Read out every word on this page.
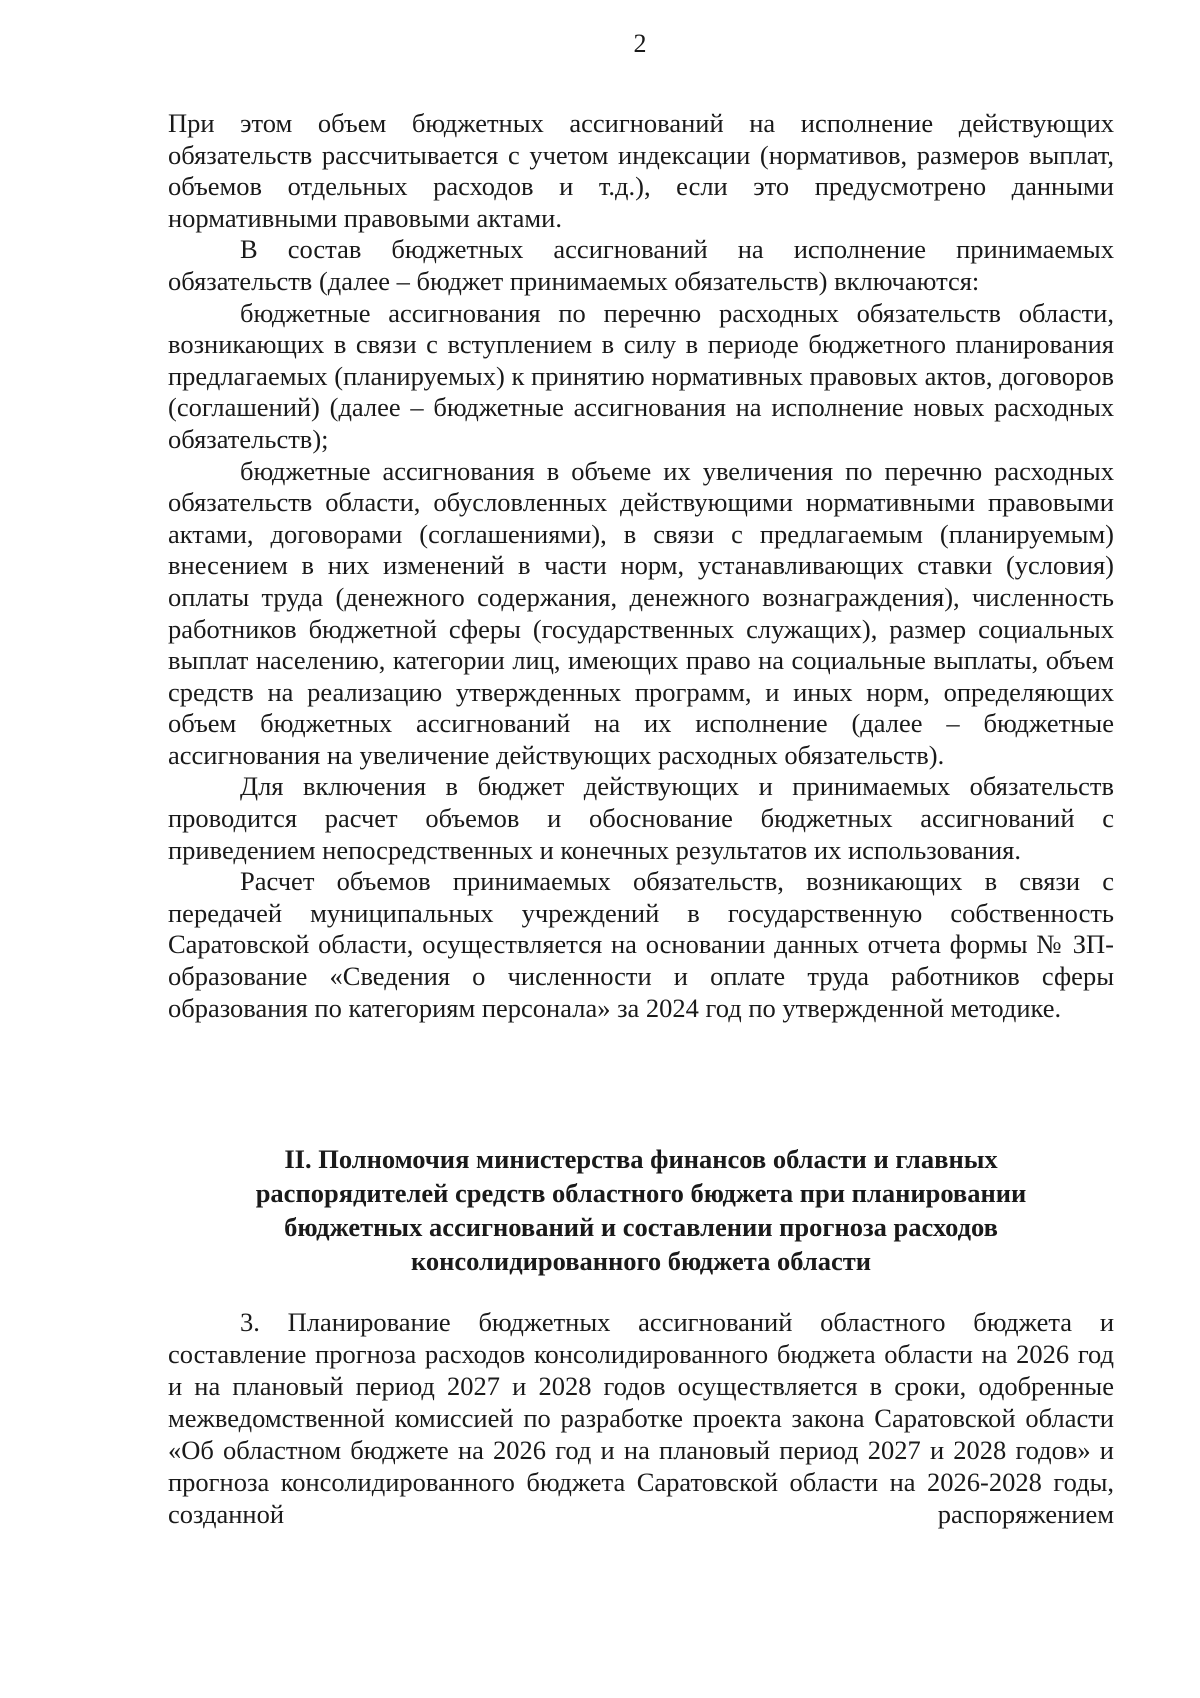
2

При этом объем бюджетных ассигнований на исполнение действующих обязательств рассчитывается с учетом индексации (нормативов, размеров выплат, объемов отдельных расходов и т.д.), если это предусмотрено данными нормативными правовыми актами.

В состав бюджетных ассигнований на исполнение принимаемых обязательств (далее – бюджет принимаемых обязательств) включаются:

бюджетные ассигнования по перечню расходных обязательств области, возникающих в связи с вступлением в силу в периоде бюджетного планирования предлагаемых (планируемых) к принятию нормативных правовых актов, договоров (соглашений) (далее – бюджетные ассигнования на исполнение новых расходных обязательств);

бюджетные ассигнования в объеме их увеличения по перечню расходных обязательств области, обусловленных действующими нормативными правовыми актами, договорами (соглашениями), в связи с предлагаемым (планируемым) внесением в них изменений в части норм, устанавливающих ставки (условия) оплаты труда (денежного содержания, денежного вознаграждения), численность работников бюджетной сферы (государственных служащих), размер социальных выплат населению, категории лиц, имеющих право на социальные выплаты, объем средств на реализацию утвержденных программ, и иных норм, определяющих объем бюджетных ассигнований на их исполнение (далее – бюджетные ассигнования на увеличение действующих расходных обязательств).

Для включения в бюджет действующих и принимаемых обязательств проводится расчет объемов и обоснование бюджетных ассигнований с приведением непосредственных и конечных результатов их использования.

Расчет объемов принимаемых обязательств, возникающих в связи с передачей муниципальных учреждений в государственную собственность Саратовской области, осуществляется на основании данных отчета формы № ЗП-образование «Сведения о численности и оплате труда работников сферы образования по категориям персонала» за 2024 год по утвержденной методике.

II. Полномочия министерства финансов области и главных
распорядителей средств областного бюджета при планировании
бюджетных ассигнований и составлении прогноза расходов
консолидированного бюджета области

3. Планирование бюджетных ассигнований областного бюджета и составление прогноза расходов консолидированного бюджета области на 2026 год и на плановый период 2027 и 2028 годов осуществляется в сроки, одобренные межведомственной комиссией по разработке проекта закона Саратовской области «Об областном бюджете на 2026 год и на плановый период 2027 и 2028 годов» и прогноза консолидированного бюджета Саратовской области на 2026-2028 годы, созданной распоряжением
